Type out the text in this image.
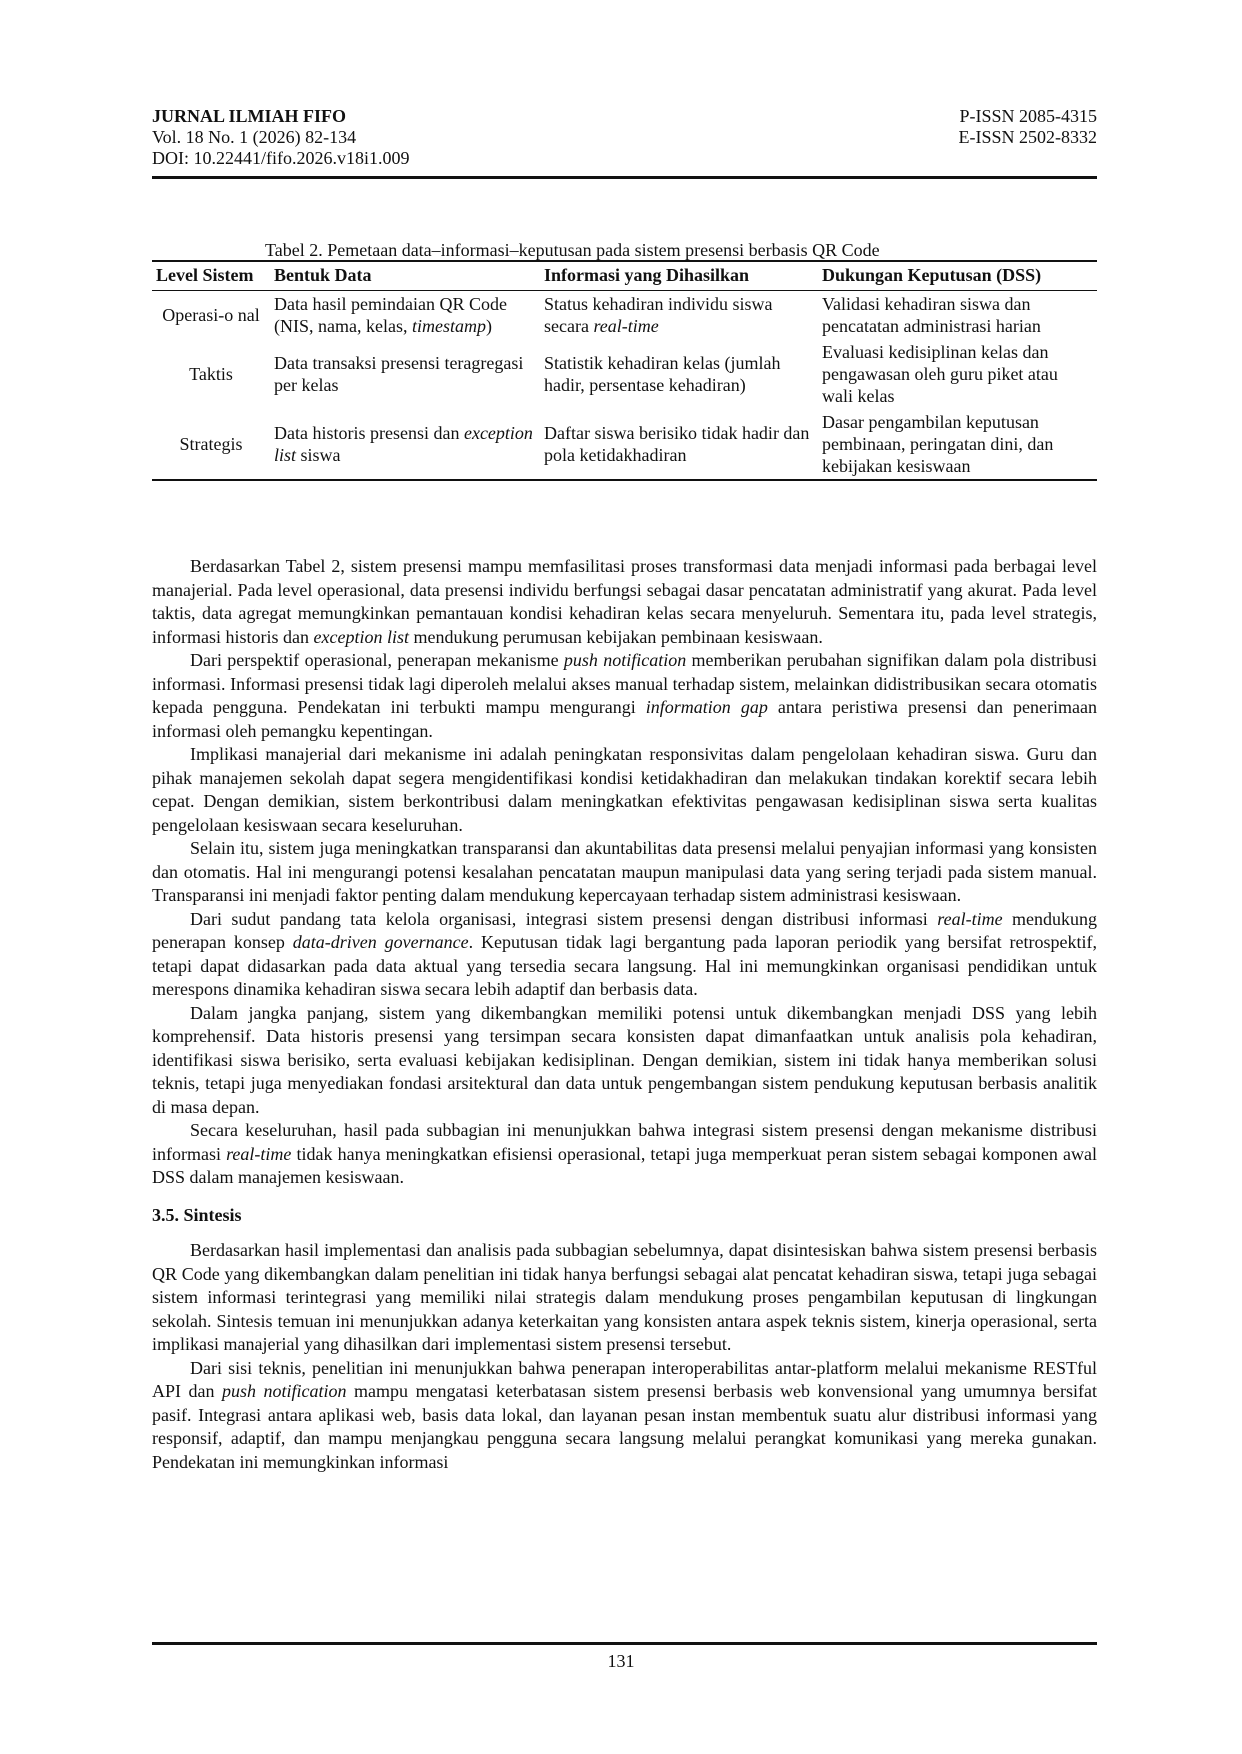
JURNAL ILMIAH FIFO
Vol. 18 No. 1 (2026) 82-134
DOI: 10.22441/fifo.2026.v18i1.009
P-ISSN 2085-4315
E-ISSN 2502-8332
Tabel 2. Pemetaan data–informasi–keputusan pada sistem presensi berbasis QR Code
Level Sistem	Bentuk Data	Informasi yang Dihasilkan	Dukungan Keputusan (DSS)
Operasi-o nal	Data hasil pemindaian QR Code (NIS, nama, kelas, timestamp)	Status kehadiran individu siswa secara real-time	Validasi kehadiran siswa dan pencatatan administrasi harian
Taktis	Data transaksi presensi teragregasi per kelas	Statistik kehadiran kelas (jumlah hadir, persentase kehadiran)	Evaluasi kedisiplinan kelas dan pengawasan oleh guru piket atau wali kelas
Strategis	Data historis presensi dan exception list siswa	Daftar siswa berisiko tidak hadir dan pola ketidakhadiran	Dasar pengambilan keputusan pembinaan, peringatan dini, dan kebijakan kesiswaan

Berdasarkan Tabel 2, sistem presensi mampu memfasilitasi proses transformasi data menjadi informasi pada berbagai level manajerial. Pada level operasional, data presensi individu berfungsi sebagai dasar pencatatan administratif yang akurat. Pada level taktis, data agregat memungkinkan pemantauan kondisi kehadiran kelas secara menyeluruh. Sementara itu, pada level strategis, informasi historis dan exception list mendukung perumusan kebijakan pembinaan kesiswaan.

Dari perspektif operasional, penerapan mekanisme push notification memberikan perubahan signifikan dalam pola distribusi informasi. Informasi presensi tidak lagi diperoleh melalui akses manual terhadap sistem, melainkan didistribusikan secara otomatis kepada pengguna. Pendekatan ini terbukti mampu mengurangi information gap antara peristiwa presensi dan penerimaan informasi oleh pemangku kepentingan.

Implikasi manajerial dari mekanisme ini adalah peningkatan responsivitas dalam pengelolaan kehadiran siswa. Guru dan pihak manajemen sekolah dapat segera mengidentifikasi kondisi ketidakhadiran dan melakukan tindakan korektif secara lebih cepat. Dengan demikian, sistem berkontribusi dalam meningkatkan efektivitas pengawasan kedisiplinan siswa serta kualitas pengelolaan kesiswaan secara keseluruhan.

Selain itu, sistem juga meningkatkan transparansi dan akuntabilitas data presensi melalui penyajian informasi yang konsisten dan otomatis. Hal ini mengurangi potensi kesalahan pencatatan maupun manipulasi data yang sering terjadi pada sistem manual. Transparansi ini menjadi faktor penting dalam mendukung kepercayaan terhadap sistem administrasi kesiswaan.

Dari sudut pandang tata kelola organisasi, integrasi sistem presensi dengan distribusi informasi real-time mendukung penerapan konsep data-driven governance. Keputusan tidak lagi bergantung pada laporan periodik yang bersifat retrospektif, tetapi dapat didasarkan pada data aktual yang tersedia secara langsung. Hal ini memungkinkan organisasi pendidikan untuk merespons dinamika kehadiran siswa secara lebih adaptif dan berbasis data.

Dalam jangka panjang, sistem yang dikembangkan memiliki potensi untuk dikembangkan menjadi DSS yang lebih komprehensif. Data historis presensi yang tersimpan secara konsisten dapat dimanfaatkan untuk analisis pola kehadiran, identifikasi siswa berisiko, serta evaluasi kebijakan kedisiplinan. Dengan demikian, sistem ini tidak hanya memberikan solusi teknis, tetapi juga menyediakan fondasi arsitektural dan data untuk pengembangan sistem pendukung keputusan berbasis analitik di masa depan.

Secara keseluruhan, hasil pada subbagian ini menunjukkan bahwa integrasi sistem presensi dengan mekanisme distribusi informasi real-time tidak hanya meningkatkan efisiensi operasional, tetapi juga memperkuat peran sistem sebagai komponen awal DSS dalam manajemen kesiswaan.

3.5. Sintesis

Berdasarkan hasil implementasi dan analisis pada subbagian sebelumnya, dapat disintesiskan bahwa sistem presensi berbasis QR Code yang dikembangkan dalam penelitian ini tidak hanya berfungsi sebagai alat pencatat kehadiran siswa, tetapi juga sebagai sistem informasi terintegrasi yang memiliki nilai strategis dalam mendukung proses pengambilan keputusan di lingkungan sekolah. Sintesis temuan ini menunjukkan adanya keterkaitan yang konsisten antara aspek teknis sistem, kinerja operasional, serta implikasi manajerial yang dihasilkan dari implementasi sistem presensi tersebut.

Dari sisi teknis, penelitian ini menunjukkan bahwa penerapan interoperabilitas antar-platform melalui mekanisme RESTful API dan push notification mampu mengatasi keterbatasan sistem presensi berbasis web konvensional yang umumnya bersifat pasif. Integrasi antara aplikasi web, basis data lokal, dan layanan pesan instan membentuk suatu alur distribusi informasi yang responsif, adaptif, dan mampu menjangkau pengguna secara langsung melalui perangkat komunikasi yang mereka gunakan. Pendekatan ini memungkinkan informasi

131
